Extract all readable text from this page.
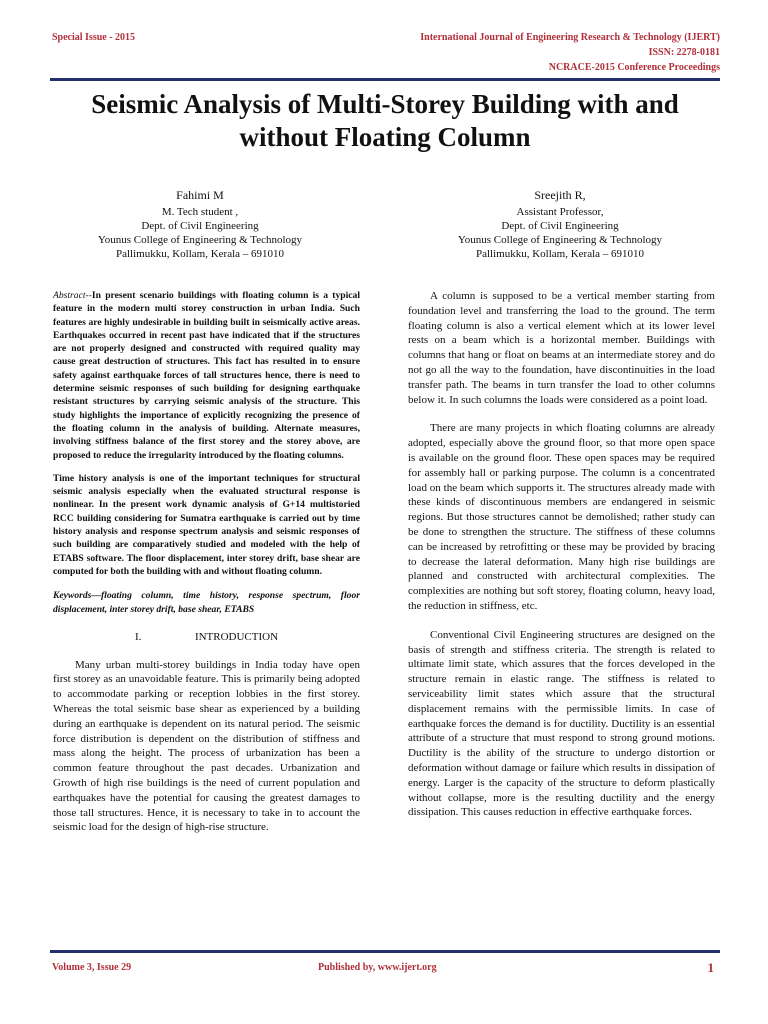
Special Issue - 2015	International Journal of Engineering Research & Technology (IJERT)
ISSN: 2278-0181
NCRACE-2015 Conference Proceedings
Seismic Analysis of Multi-Storey Building with and without Floating Column
Fahimi M
M. Tech student ,
Dept. of Civil Engineering
Younus College of Engineering & Technology
Pallimukku, Kollam, Kerala – 691010
Sreejith R,
Assistant Professor,
Dept. of Civil Engineering
Younus College of Engineering & Technology
Pallimukku, Kollam, Kerala – 691010

Abstract--In present scenario buildings with floating column is a typical feature in the modern multi storey construction in urban India. Such features are highly undesirable in building built in seismically active areas. Earthquakes occurred in recent past have indicated that if the structures are not properly designed and constructed with required quality may cause great destruction of structures. This fact has resulted in to ensure safety against earthquake forces of tall structures hence, there is need to determine seismic responses of such building for designing earthquake resistant structures by carrying seismic analysis of the structure. This study highlights the importance of explicitly recognizing the presence of the floating column in the analysis of building. Alternate measures, involving stiffness balance of the first storey and the storey above, are proposed to reduce the irregularity introduced by the floating columns.

Time history analysis is one of the important techniques for structural seismic analysis especially when the evaluated structural response is nonlinear. In the present work dynamic analysis of G+14 multistoried RCC building considering for Sumatra earthquake is carried out by time history analysis and response spectrum analysis and seismic responses of such building are comparatively studied and modeled with the help of ETABS software. The floor displacement, inter storey drift, base shear are computed for both the building with and without floating column.

Keywords—floating column, time history, response spectrum, floor displacement, inter storey drift, base shear, ETABS

I.	INTRODUCTION

Many urban multi-storey buildings in India today have open first storey as an unavoidable feature. This is primarily being adopted to accommodate parking or reception lobbies in the first storey. Whereas the total seismic base shear as experienced by a building during an earthquake is dependent on its natural period. The seismic force distribution is dependent on the distribution of stiffness and mass along the height. The process of urbanization has been a common feature throughout the past decades. Urbanization and Growth of high rise buildings is the need of current population and earthquakes have the potential for causing the greatest damages to those tall structures. Hence, it is necessary to take in to account the seismic load for the design of high-rise structure.

A column is supposed to be a vertical member starting from foundation level and transferring the load to the ground. The term floating column is also a vertical element which at its lower level rests on a beam which is a horizontal member. Buildings with columns that hang or float on beams at an intermediate storey and do not go all the way to the foundation, have discontinuities in the load transfer path. The beams in turn transfer the load to other columns below it. In such columns the loads were considered as a point load.

There are many projects in which floating columns are already adopted, especially above the ground floor, so that more open space is available on the ground floor. These open spaces may be required for assembly hall or parking purpose. The column is a concentrated load on the beam which supports it. The structures already made with these kinds of discontinuous members are endangered in seismic regions. But those structures cannot be demolished; rather study can be done to strengthen the structure. The stiffness of these columns can be increased by retrofitting or these may be provided by bracing to decrease the lateral deformation. Many high rise buildings are planned and constructed with architectural complexities. The complexities are nothing but soft storey, floating column, heavy load, the reduction in stiffness, etc.

Conventional Civil Engineering structures are designed on the basis of strength and stiffness criteria. The strength is related to ultimate limit state, which assures that the forces developed in the structure remain in elastic range. The stiffness is related to serviceability limit states which assure that the structural displacement remains with the permissible limits. In case of earthquake forces the demand is for ductility. Ductility is an essential attribute of a structure that must respond to strong ground motions. Ductility is the ability of the structure to undergo distortion or deformation without damage or failure which results in dissipation of energy. Larger is the capacity of the structure to deform plastically without collapse, more is the resulting ductility and the energy dissipation. This causes reduction in effective earthquake forces.

Volume 3, Issue 29	Published by, www.ijert.org	1
